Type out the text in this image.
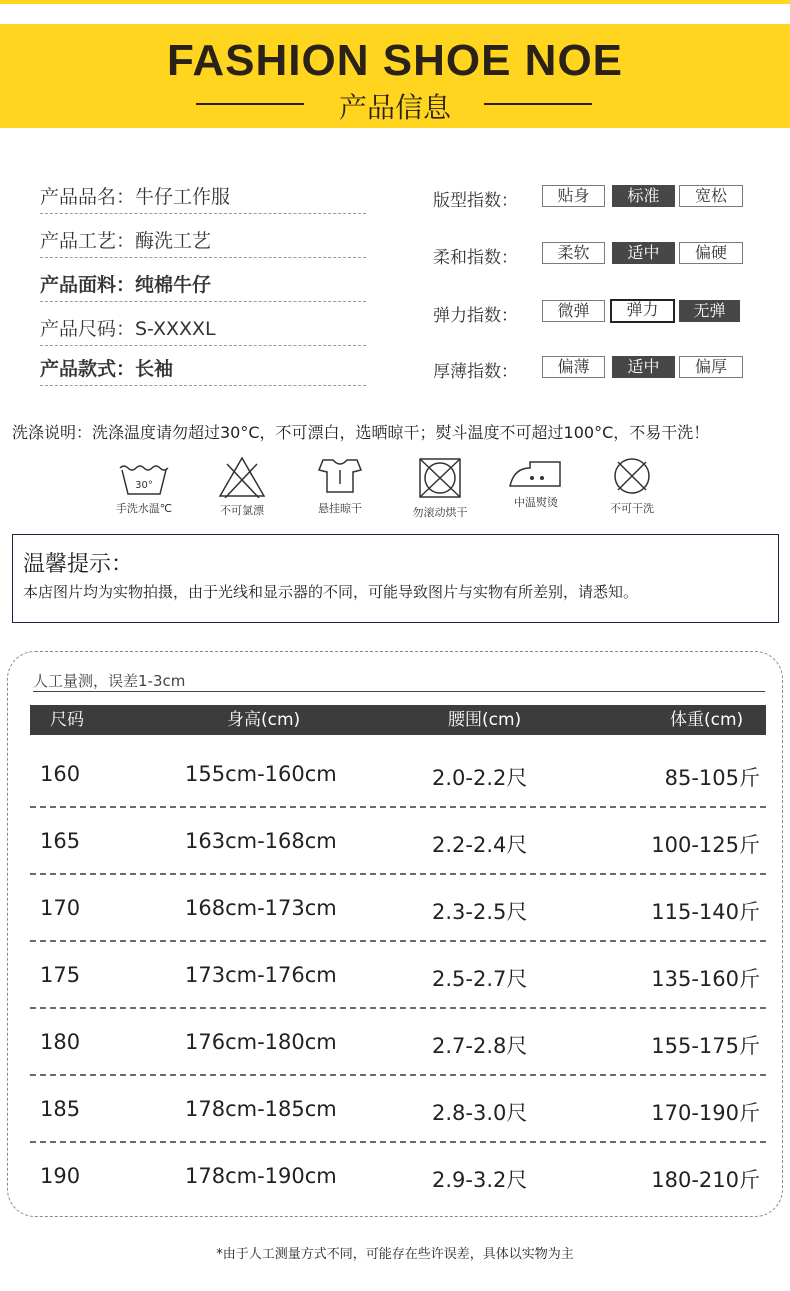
FASHION SHOE NOE
产品信息
产品品名：牛仔工作服
产品工艺：酶洗工艺
产品面料：纯棉牛仔
产品尺码：S-XXXXL
产品款式：长袖
版型指数：	贴身	标准	宽松
柔和指数：	柔软	适中	偏硬
弹力指数：	微弹	弹力	无弹
厚薄指数：	偏薄	适中	偏厚
洗涤说明：洗涤温度请勿超过30°C，不可漂白，选晒晾干；熨斗温度不可超过100°C，不易干洗！
30°
手洗水温℃	不可氯漂	悬挂晾干	勿滚动烘干
中温熨烫	不可干洗
温馨提示：
本店图片均为实物拍摄，由于光线和显示器的不同，可能导致图片与实物有所差别，请悉知。
人工量测，误差1-3cm
尺码	身高(cm)	腰围(cm)	体重(cm)
160	155cm-160cm	2.0-2.2尺	85-105斤
165	163cm-168cm	2.2-2.4尺	100-125斤
170	168cm-173cm	2.3-2.5尺	115-140斤
175	173cm-176cm	2.5-2.7尺	135-160斤
180	176cm-180cm	2.7-2.8尺	155-175斤
185	178cm-185cm	2.8-3.0尺	170-190斤
190	178cm-190cm	2.9-3.2尺	180-210斤
*由于人工测量方式不同，可能存在些许误差，具体以实物为主
